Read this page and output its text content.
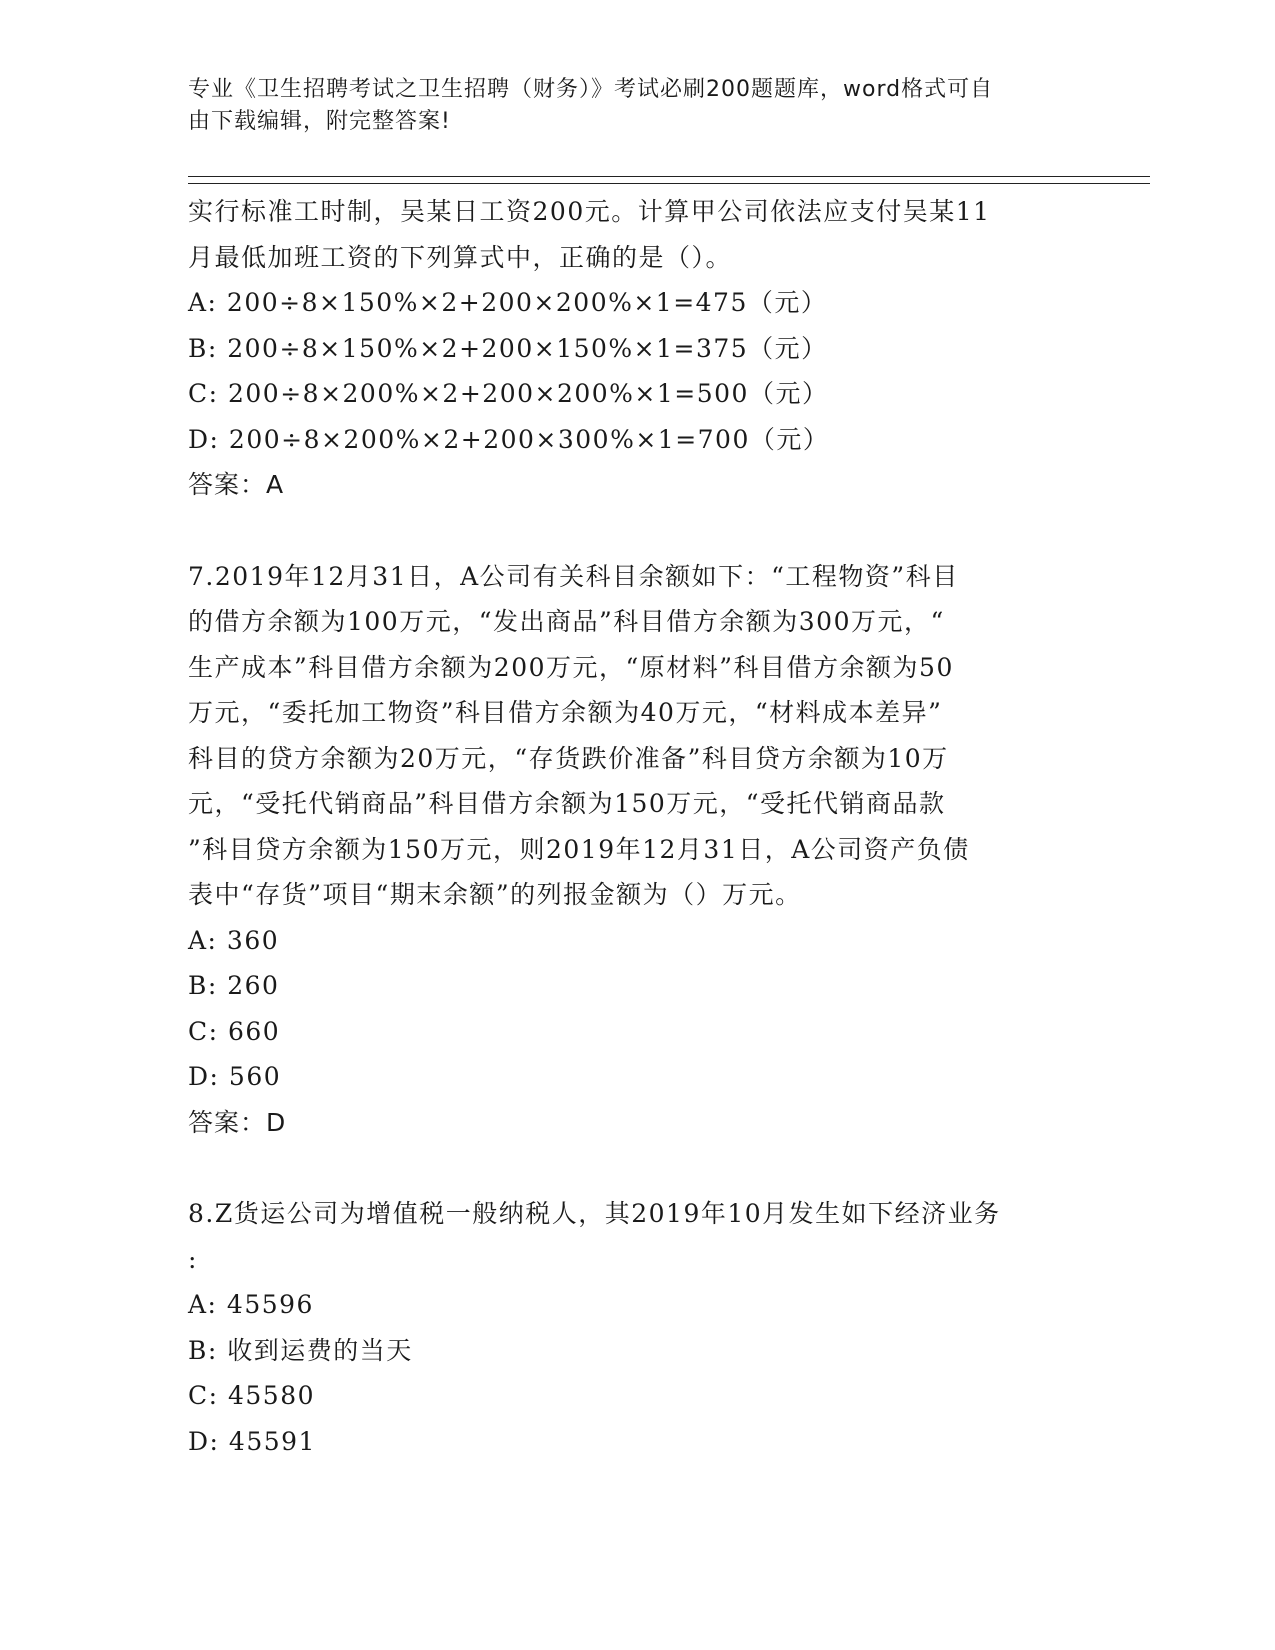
专业《卫生招聘考试之卫生招聘（财务）》考试必刷200题题库，word格式可自
由下载编辑，附完整答案!

实行标准工时制，吴某日工资200元。计算甲公司依法应支付吴某11

月最低加班工资的下列算式中，正确的是（）。

A: 200÷8×150%×2+200×200%×1=475（元）

B: 200÷8×150%×2+200×150%×1=375（元）

C: 200÷8×200%×2+200×200%×1=500（元）

D: 200÷8×200%×2+200×300%×1=700（元）

答案：A

7.2019年12月31日，A公司有关科目余额如下：“工程物资”科目

的借方余额为100万元，“发出商品”科目借方余额为300万元，“

生产成本”科目借方余额为200万元，“原材料”科目借方余额为50

万元，“委托加工物资”科目借方余额为40万元，“材料成本差异”

科目的贷方余额为20万元，“存货跌价准备”科目贷方余额为10万

元，“受托代销商品”科目借方余额为150万元，“受托代销商品款

”科目贷方余额为150万元，则2019年12月31日，A公司资产负债

表中“存货”项目“期末余额”的列报金额为（）万元。

A: 360

B: 260

C: 660

D: 560

答案：D

8.Z货运公司为增值税一般纳税人，其2019年10月发生如下经济业务

:

A: 45596

B: 收到运费的当天

C: 45580

D: 45591
